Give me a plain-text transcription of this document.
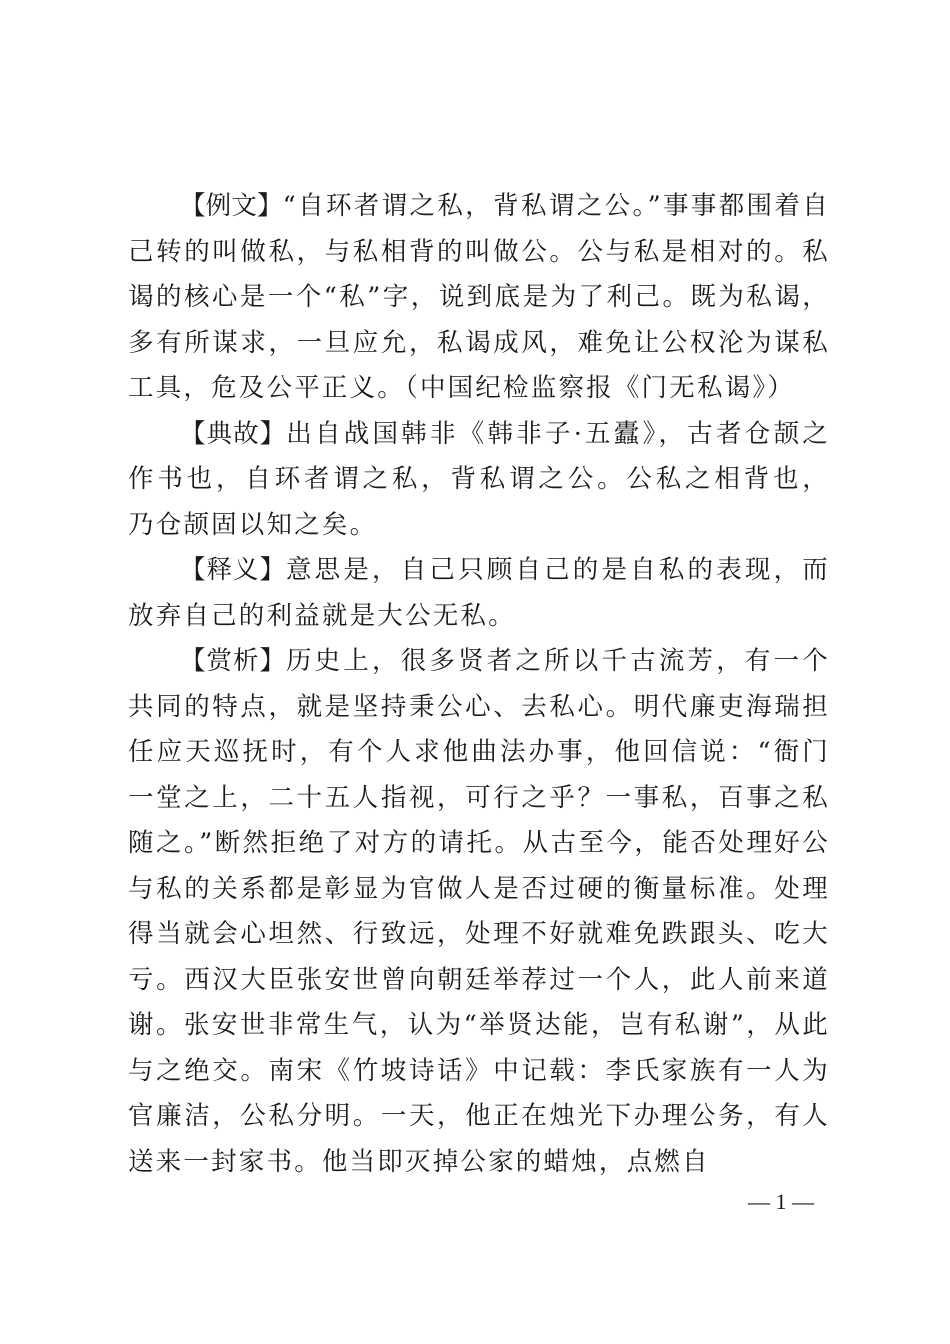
【例文】“自环者谓之私，背私谓之公。”事事都围着自己转的叫做私，与私相背的叫做公。公与私是相对的。私谒的核心是一个“私”字，说到底是为了利己。既为私谒，多有所谋求，一旦应允，私谒成风，难免让公权沦为谋私工具，危及公平正义。（中国纪检监察报《门无私谒》）

【典故】出自战国韩非《韩非子·五蠹》，古者仓颉之作书也，自环者谓之私，背私谓之公。公私之相背也， 乃仓颉固以知之矣。

【释义】意思是，自己只顾自己的是自私的表现，而放弃自己的利益就是大公无私。

【赏析】历史上，很多贤者之所以千古流芳，有一个共同的特点，就是坚持秉公心、去私心。明代廉吏海瑞担任应天巡抚时，有个人求他曲法办事，他回信说：“衙门一堂之上，二十五人指视，可行之乎？一事私，百事之私随之。”断然拒绝了对方的请托。从古至今，能否处理好公与私的关系都是彰显为官做人是否过硬的衡量标准。处理得当就会心坦然、行致远，处理不好就难免跌跟头、吃大亏。西汉大臣张安世曾向朝廷举荐过一个人，此人前来道谢。张安世非常生气，认为“举贤达能，岂有私谢”，从此与之绝交。南宋《竹坡诗话》中记载：李氏家族有一人为官廉洁，公私分明。一天，他正在烛光下办理公务，有人送来一封家书。他当即灭掉公家的蜡烛，点燃自

— 1 —
